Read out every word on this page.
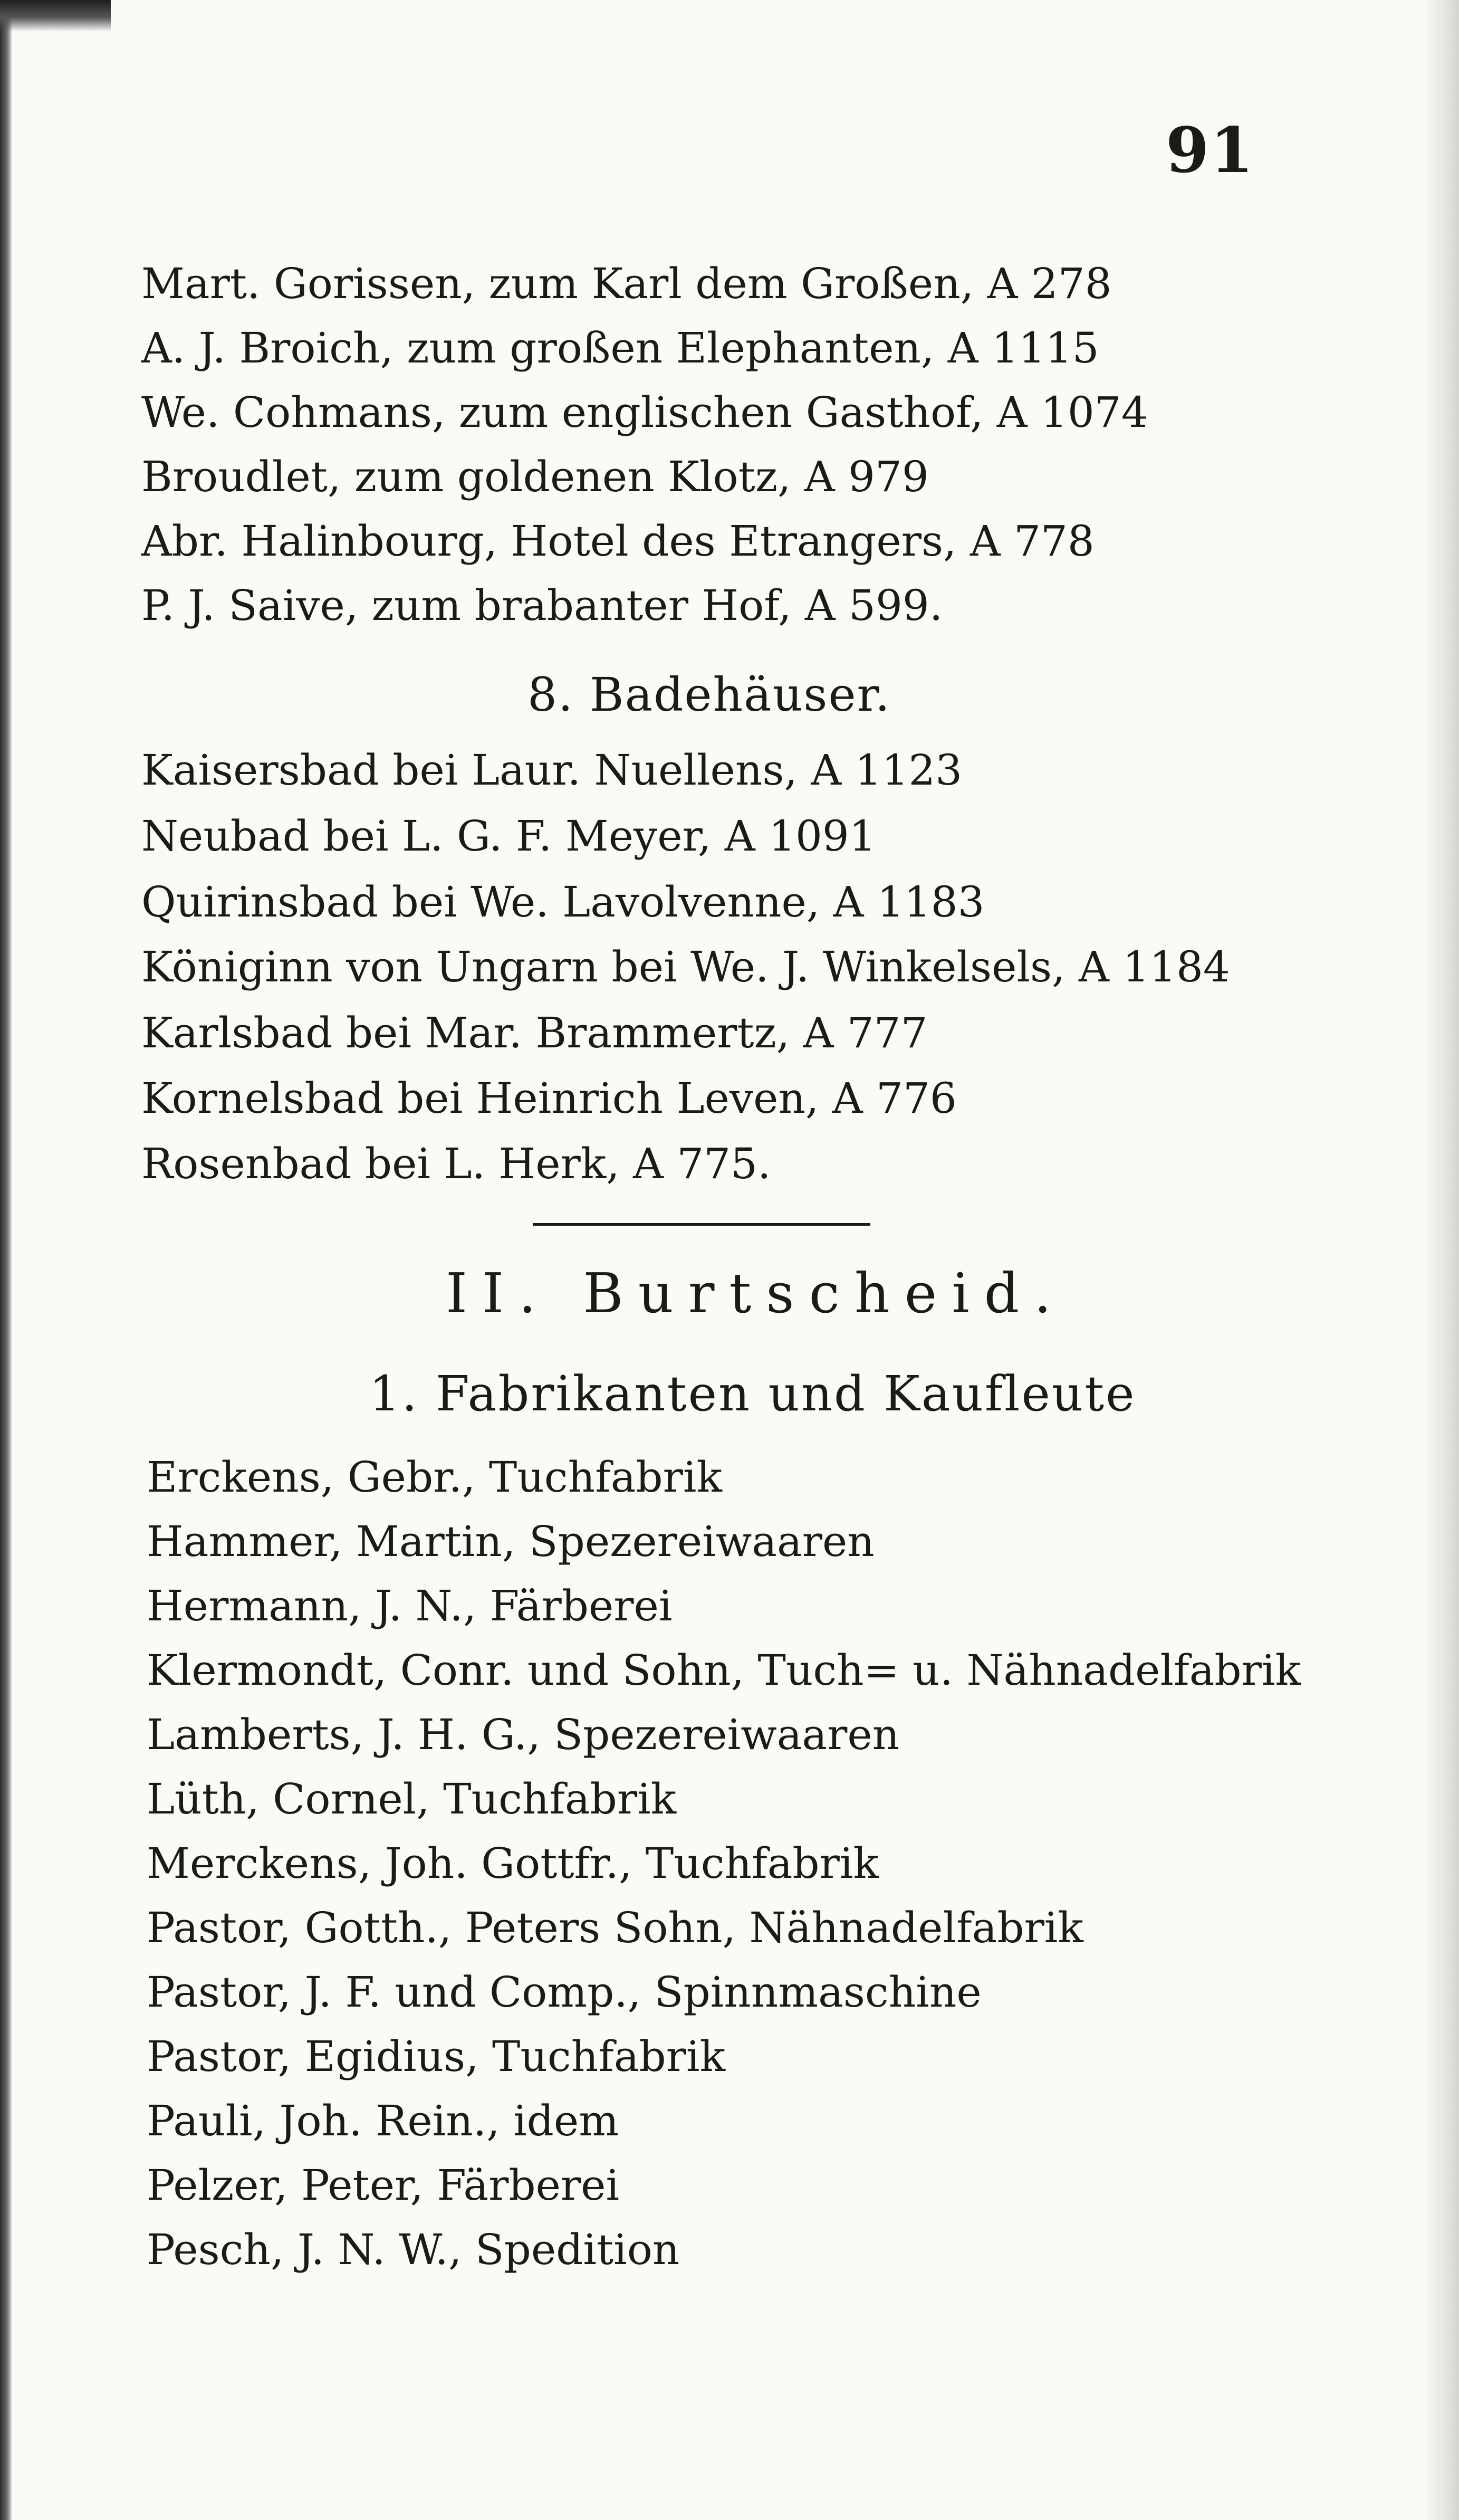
91
Mart. Gorissen, zum Karl dem Großen, A 278
A. J. Broich, zum großen Elephanten, A 1115
We. Cohmans, zum englischen Gasthof, A 1074
Broudlet, zum goldenen Klotz, A 979
Abr. Halinbourg, Hotel des Etrangers, A 778
P. J. Saive, zum brabanter Hof, A 599.
8. Badehäuser.
Kaisersbad bei Laur. Nuellens, A 1123
Neubad bei L. G. F. Meyer, A 1091
Quirinsbad bei We. Lavolvenne, A 1183
Königinn von Ungarn bei We. J. Winkelsels, A 1184
Karlsbad bei Mar. Brammertz, A 777
Kornelsbad bei Heinrich Leven, A 776
Rosenbad bei L. Herk, A 775.
II. Burtscheid.
1. Fabrikanten und Kaufleute
Erckens, Gebr., Tuchfabrik
Hammer, Martin, Spezereiwaaren
Hermann, J. N., Färberei
Klermondt, Conr. und Sohn, Tuch= u. Nähnadelfabrik
Lamberts, J. H. G., Spezereiwaaren
Lüth, Cornel, Tuchfabrik
Merckens, Joh. Gottfr., Tuchfabrik
Pastor, Gotth., Peters Sohn, Nähnadelfabrik
Pastor, J. F. und Comp., Spinnmaschine
Pastor, Egidius, Tuchfabrik
Pauli, Joh. Rein., idem
Pelzer, Peter, Färberei
Pesch, J. N. W., Spedition
